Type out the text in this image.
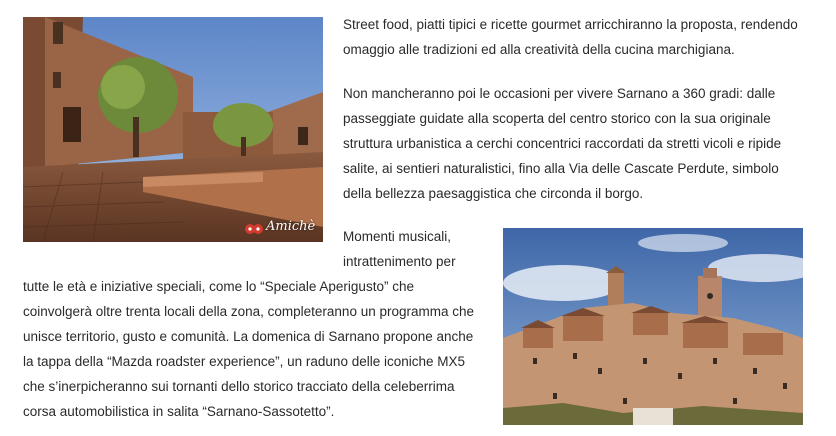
Amichè

Street food, piatti tipici e ricette gourmet arricchiranno la proposta, rendendo omaggio alle tradizioni ed alla creatività della cucina marchigiana.

Non mancheranno poi le occasioni per vivere Sarnano a 360 gradi: dalle passeggiate guidate alla scoperta del centro storico con la sua originale struttura urbanistica a cerchi concentrici raccordati da stretti vicoli e ripide salite, ai sentieri naturalistici, fino alla Via delle Cascate Perdute, simbolo della bellezza paesaggistica che circonda il borgo.

Momenti musicali, intrattenimento per

tutte le età e iniziative speciali, come lo “Speciale Aperigusto” che coinvolgerà oltre trenta locali della zona, completeranno un programma che unisce territorio, gusto e comunità. La domenica di Sarnano propone anche la tappa della “Mazda roadster experience”, un raduno delle iconiche MX5 che s’inerpicheranno sui tornanti dello storico tracciato della celeberrima corsa automobilistica in salita “Sarnano-Sassotetto”.
